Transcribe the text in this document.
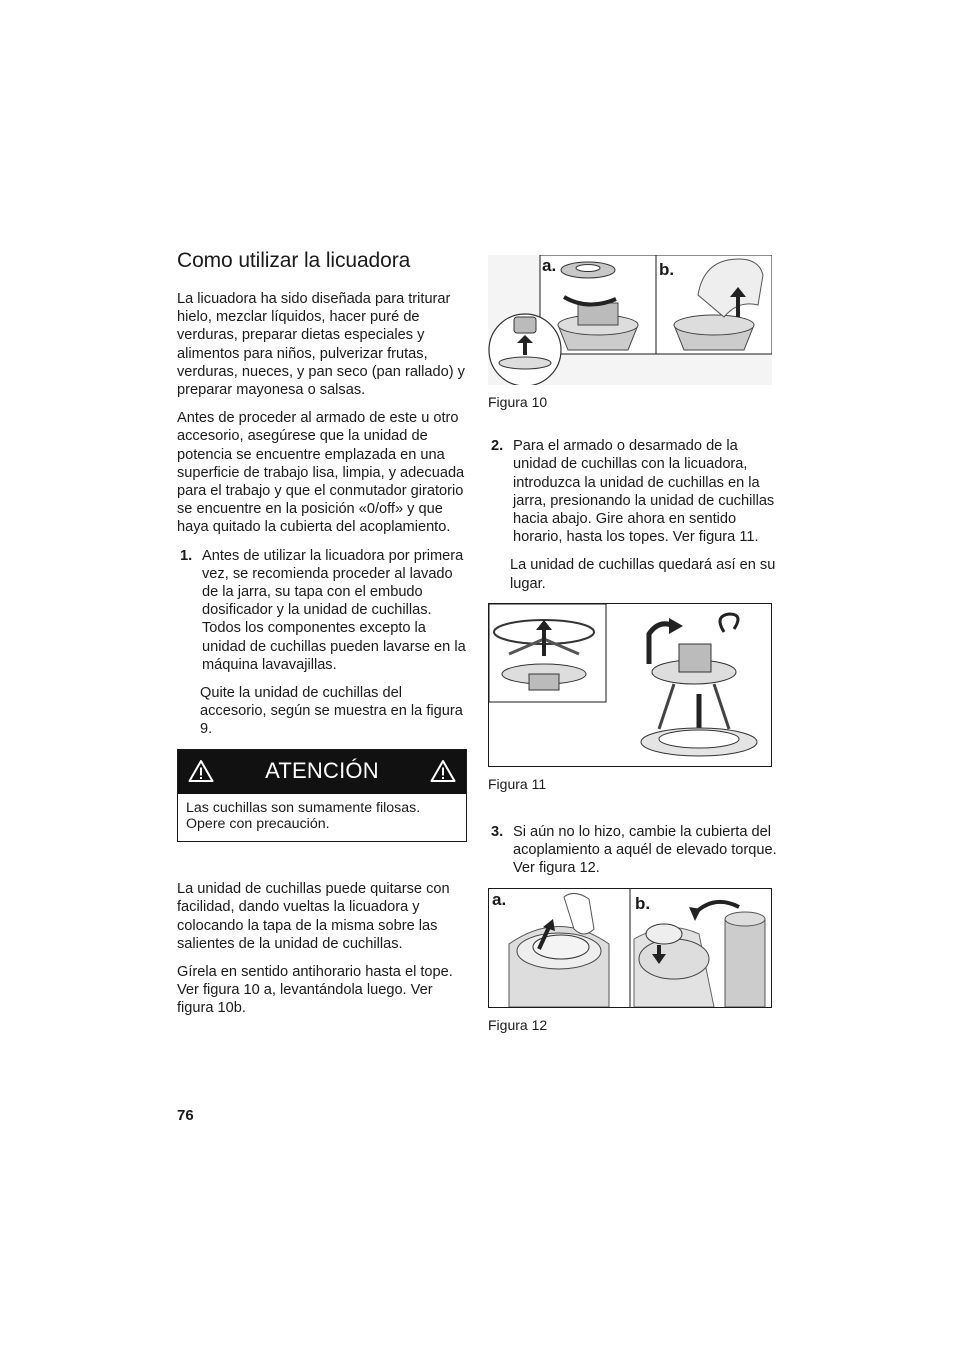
Como utilizar la licuadora

La licuadora ha sido diseñada para triturar hielo, mezclar líquidos, hacer puré de verduras, preparar dietas especiales y alimentos para niños, pulverizar frutas, verduras, nueces, y pan seco (pan rallado) y preparar mayonesa o salsas.

Antes de proceder al armado de este u otro accesorio, asegúrese que la unidad de potencia se encuentre emplazada en una superficie de trabajo lisa, limpia, y adecuada para el trabajo y que el conmutador giratorio se encuentre en la posición «0/off» y que haya quitado la cubierta del acoplamiento.

1. Antes de utilizar la licuadora por primera vez, se recomienda proceder al lavado de la jarra, su tapa con el embudo dosificador y la unidad de cuchillas. Todos los componentes excepto la unidad de cuchillas pueden lavarse en la máquina lavavajillas.

Quite la unidad de cuchillas del accesorio, según se muestra en la figura 9.

ATENCIÓN
Las cuchillas son sumamente filosas. Opere con precaución.

La unidad de cuchillas puede quitarse con facilidad, dando vueltas la licuadora y colocando la tapa de la misma sobre las salientes de la unidad de cuchillas.

Gírela en sentido antihorario hasta el tope. Ver figura 10 a, levantándola luego. Ver figura 10b.

a.	b.

Figura 10

2. Para el armado o desarmado de la unidad de cuchillas con la licuadora, introduzca la unidad de cuchillas en la jarra, presionando la unidad de cuchillas hacia abajo. Gire ahora en sentido horario, hasta los topes. Ver figura 11.

La unidad de cuchillas quedará así en su lugar.

Figura 11

3. Si aún no lo hizo, cambie la cubierta del acoplamiento a aquél de elevado torque. Ver figura 12.
a.	b.

Figura 12

76
